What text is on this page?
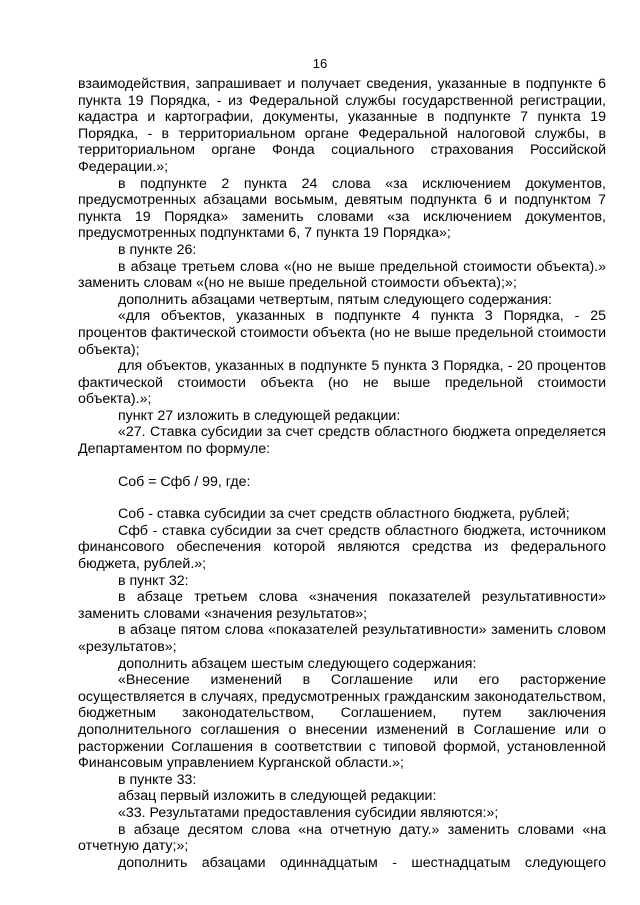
16

взаимодействия, запрашивает и получает сведения, указанные в подпункте 6 пункта 19 Порядка, - из Федеральной службы государственной регистрации, кадастра и картографии, документы, указанные в подпункте 7 пункта 19 Порядка, - в территориальном органе Федеральной налоговой службы, в территориальном органе Фонда социального страхования Российской Федерации.»;

в подпункте 2 пункта 24 слова «за исключением документов, предусмотренных абзацами восьмым, девятым подпункта 6 и подпунктом 7 пункта 19 Порядка» заменить словами «за исключением документов, предусмотренных подпунктами 6, 7 пункта 19 Порядка»;

в пункте 26:

в абзаце третьем слова «(но не выше предельной стоимости объекта).» заменить словам «(но не выше предельной стоимости объекта);»;

дополнить абзацами четвертым, пятым следующего содержания:

«для объектов, указанных в подпункте 4 пункта 3 Порядка, - 25 процентов фактической стоимости объекта (но не выше предельной стоимости объекта);

для объектов, указанных в подпункте 5 пункта 3 Порядка, - 20 процентов фактической стоимости объекта (но не выше предельной стоимости объекта).»;

пункт 27 изложить в следующей редакции:

«27. Ставка субсидии за счет средств областного бюджета определяется Департаментом по формуле:

Соб = Сфб / 99, где:

Соб - ставка субсидии за счет средств областного бюджета, рублей;

Сфб - ставка субсидии за счет средств областного бюджета, источником финансового обеспечения которой являются средства из федерального бюджета, рублей.»;

в пункт 32:

в абзаце третьем слова «значения показателей результативности» заменить словами «значения результатов»;

в абзаце пятом слова «показателей результативности» заменить словом «результатов»;

дополнить абзацем шестым следующего содержания:

«Внесение изменений в Соглашение или его расторжение осуществляется в случаях, предусмотренных гражданским законодательством, бюджетным законодательством, Соглашением, путем заключения дополнительного соглашения о внесении изменений в Соглашение или о расторжении Соглашения в соответствии с типовой формой, установленной Финансовым управлением Курганской области.»;

в пункте 33:

абзац первый изложить в следующей редакции:

«33. Результатами предоставления субсидии являются:»;

в абзаце десятом слова «на отчетную дату.» заменить словами «на отчетную дату;»;

дополнить абзацами одиннадцатым - шестнадцатым следующего
